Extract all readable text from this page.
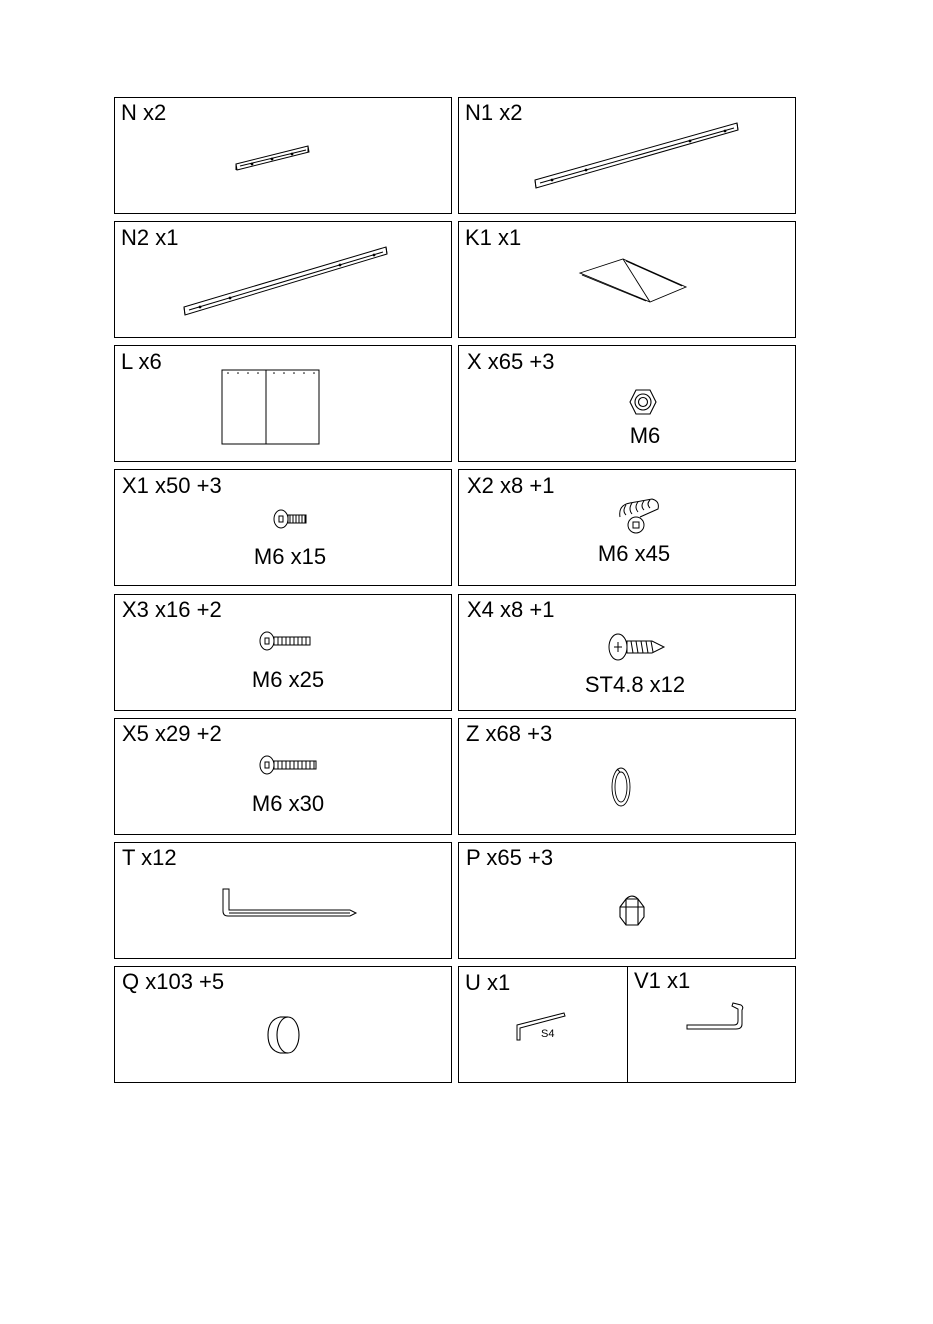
N x2	N1 x2
N2 x1	K1 x1
L x6	X x65 +3
X1 x50 +3	X2 x8 +1
X3 x16 +2	X4 x8 +1
X5 x29 +2	Z x68 +3
T x12	P x65 +3
Q x103 +5	U x1	V1 x1
M6
M6 x15	M6 x45
M6 x25	ST4.8 x12
M6 x30
S4
